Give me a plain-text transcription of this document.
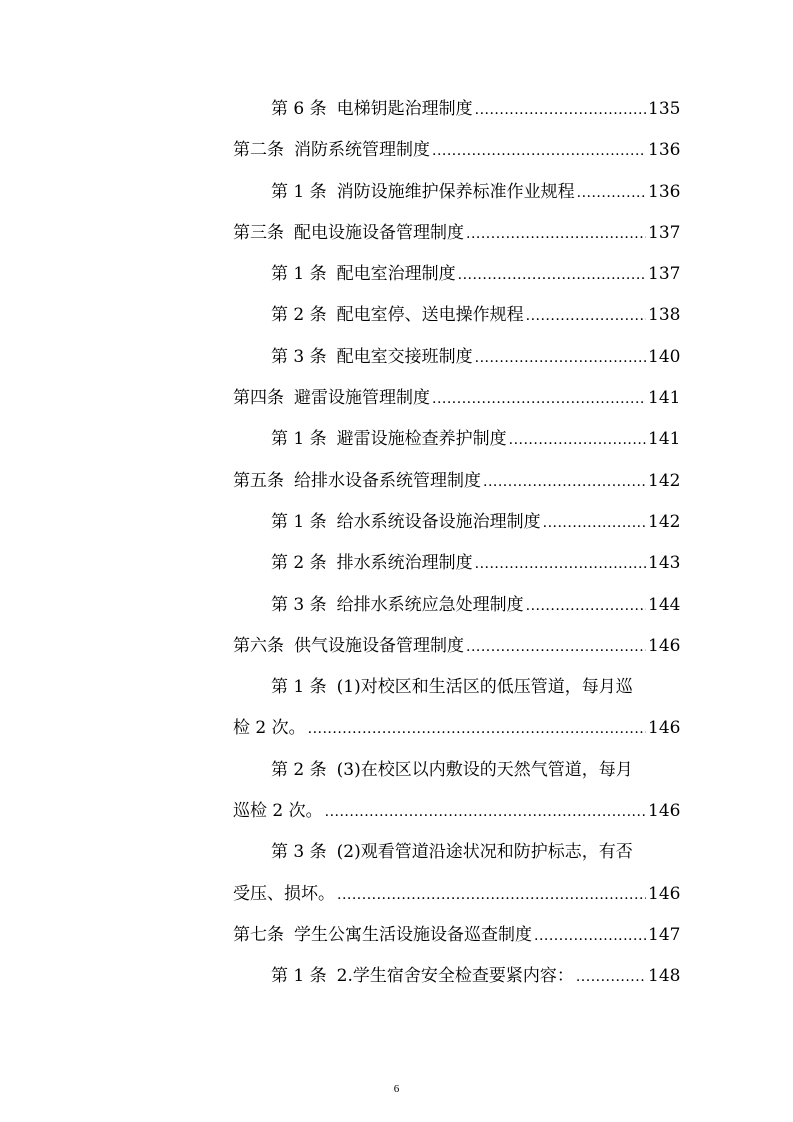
第 6 条 电梯钥匙治理制度 .....	135
第二条 消防系统管理制度 .....	136
第 1 条 消防设施维护保养标准作业规程 .....	136
第三条 配电设施设备管理制度 .....	137
第 1 条 配电室治理制度 .....	137
第 2 条 配电室停、送电操作规程 .....	138
第 3 条 配电室交接班制度 .....	140
第四条 避雷设施管理制度 .....	141
第 1 条 避雷设施检查养护制度 .....	141
第五条 给排水设备系统管理制度 .....	142
第 1 条 给水系统设备设施治理制度 .....	142
第 2 条 排水系统治理制度 .....	143
第 3 条 给排水系统应急处理制度 .....	144
第六条 供气设施设备管理制度 .....	146
第 1 条 (1)对校区和生活区的低压管道，每月巡
检 2 次。 .....	146
第 2 条 (3)在校区以内敷设的天然气管道，每月
巡检 2 次。 .....	146
第 3 条 (2)观看管道沿途状况和防护标志，有否
受压、损坏。 .....	146
第七条 学生公寓生活设施设备巡查制度 .....	147
第 1 条 2.学生宿舍安全检查要紧内容： .....	148
6
